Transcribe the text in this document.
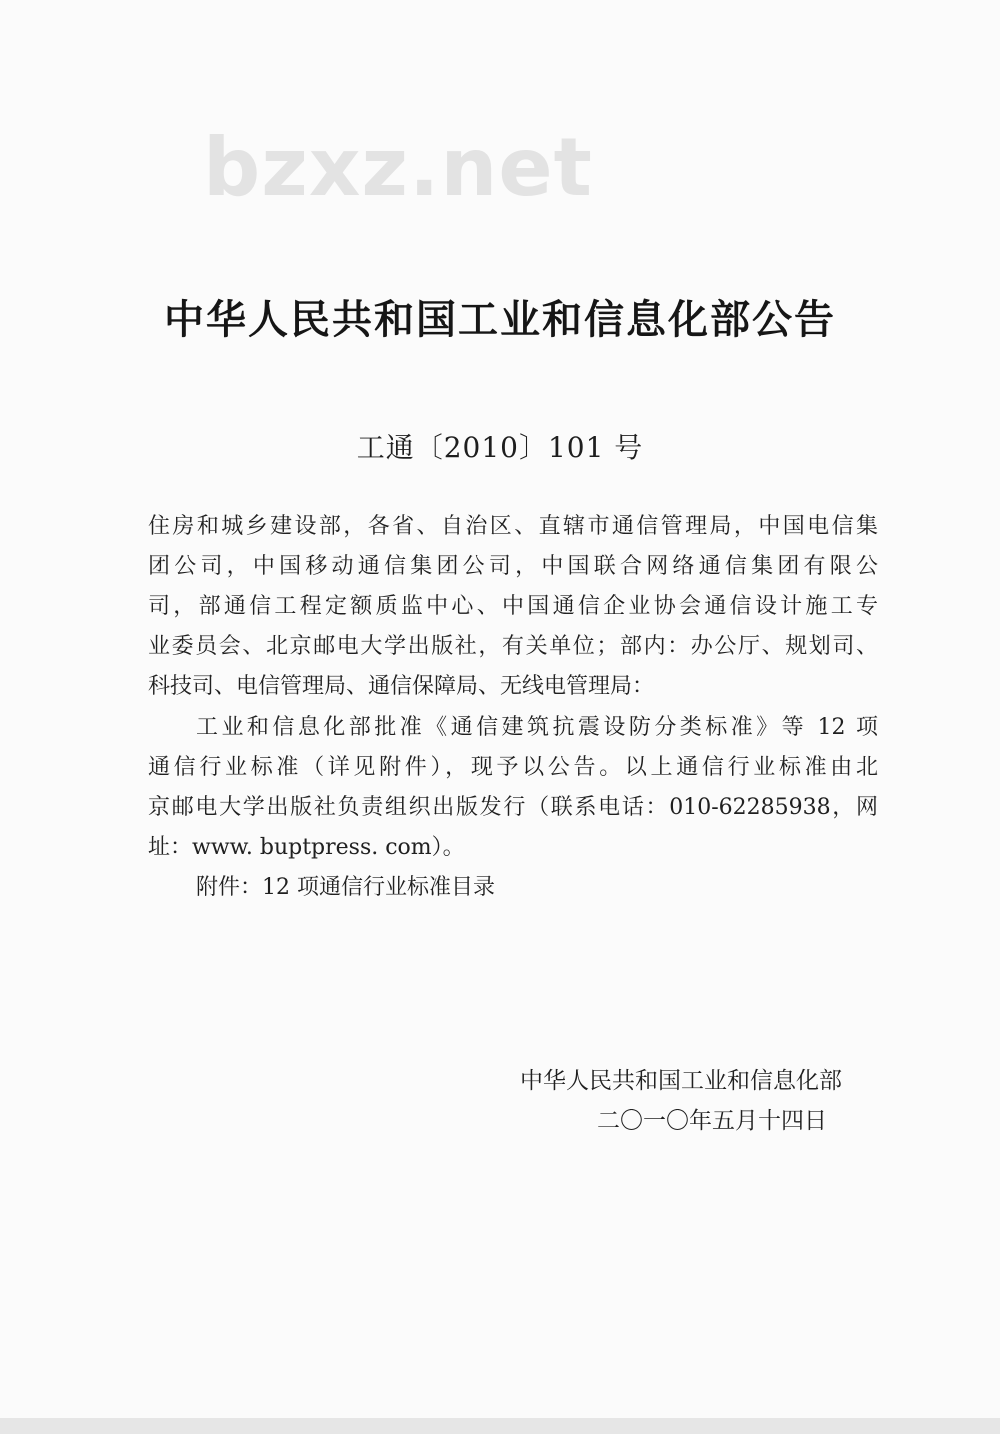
bzxz.net
中华人民共和国工业和信息化部公告
工通〔2010〕101 号
住房和城乡建设部，各省、自治区、直辖市通信管理局，中国电信集
团公司，中国移动通信集团公司，中国联合网络通信集团有限公
司，部通信工程定额质监中心、中国通信企业协会通信设计施工专
业委员会、北京邮电大学出版社，有关单位；部内：办公厅、规划司、
科技司、电信管理局、通信保障局、无线电管理局：
工业和信息化部批准《通信建筑抗震设防分类标准》等 12 项
通信行业标准（详见附件），现予以公告。以上通信行业标准由北
京邮电大学出版社负责组织出版发行（联系电话：010-62285938，网
址：www. buptpress. com）。
附件：12 项通信行业标准目录
中华人民共和国工业和信息化部
二〇一〇年五月十四日
